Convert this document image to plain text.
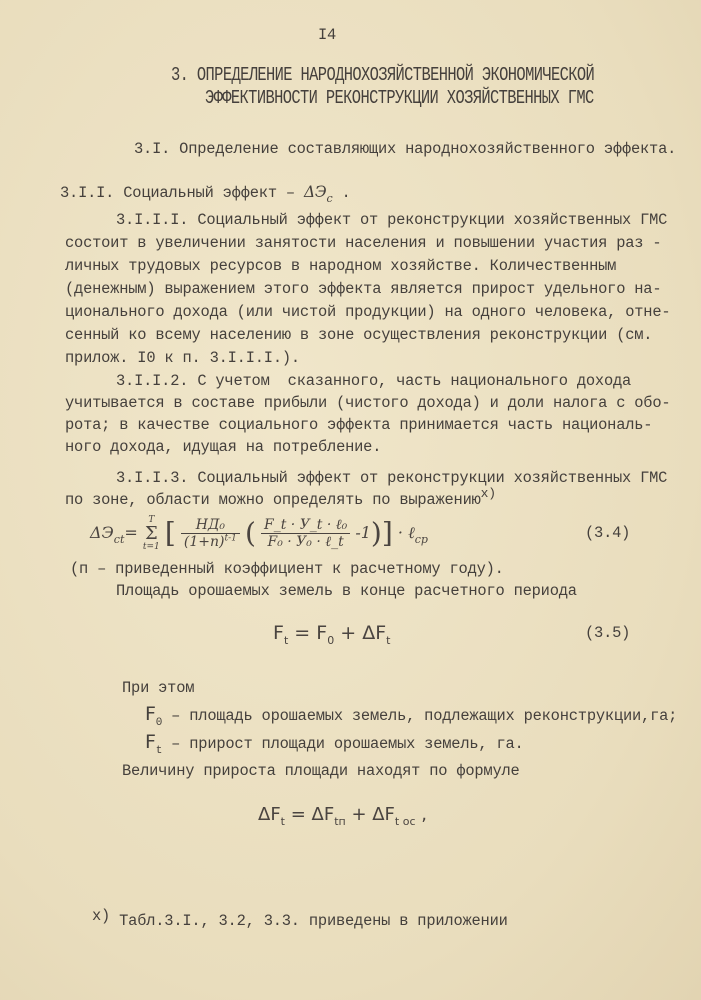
I4
3. ОПРЕДЕЛЕНИЕ НАРОДНОХОЗЯЙСТВЕННОЙ ЭКОНОМИЧЕСКОЙ
ЭФФЕКТИВНОСТИ РЕКОНСТРУКЦИИ ХОЗЯЙСТВЕННЫХ ГМС
3.I. Определение составляющих народнохозяйственного эффекта.
3.I.I. Социальный эффект – $\Delta Э_с$ .
3.I.I.I. Социальный эффект от реконструкции хозяйственных ГМС
состоит в увеличении занятости населения и повышении участия раз -
личных трудовых ресурсов в народном хозяйстве. Количественным
(денежным) выражением этого эффекта является прирост удельного на-
ционального дохода (или чистой продукции) на одного человека, отне-
сенный ко всему населению в зоне осуществления реконструкции (см.
прилож. I0 к п. 3.I.I.I.).
3.I.I.2. С учетом  сказанного, часть национального дохода
учитывается в составе прибыли (чистого дохода) и доли налога с обо-
рота; в качестве социального эффекта принимается часть националь-
ного дохода, идущая на потребление.
3.I.I.3. Социальный эффект от реконструкции хозяйственных ГМС
по зоне, области можно определять по выражению$^{x)}$
$\Delta Э_{ct}=$
T
Σ
t=1 [ $\frac{\text{НД₀}}{(1+п)^{t-1}}$ ( $\frac{\text{F\_t · У\_t · ℓ₀}}{\text{F₀ · У₀ · ℓ\_t}} -1$)] · ℓ$_{ср}$	(3.4)
(п – приведенный коэффициент к расчетному году).
Площадь орошаемых земель в конце расчетного периода
$F_t = F_0 + \Delta F_t$	(3.5)
При этом
$F_0$ – площадь орошаемых земель, подлежащих реконструкции,га;
$F_t$ – прирост площади орошаемых земель, га.
Величину прироста площади находят по формуле
$\Delta F_t = \Delta F_{tп} + \Delta F_{t ос}$ ,
x) Табл.3.I., 3.2, 3.3. приведены в приложении
